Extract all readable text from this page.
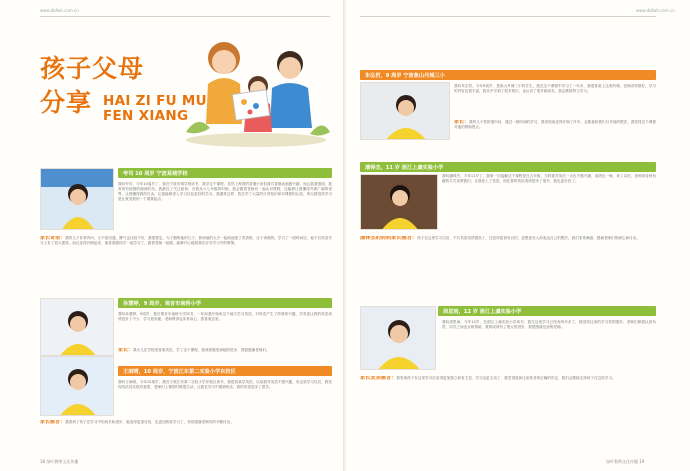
www.dbfwh.com.cn
孩子父母
分享 HAI ZI FU MU
FEN XIANG
夸司 10 周岁 宁波某城学校
我叫夸司，今年10周岁了，我在宁波市城学校读书，我学这个课程，虽然上海香的香港小说但我对香港动画感兴趣，而且我我很明，我常常有较强的阅读的功，我最近了关注如何，在我从六七年级的时候，我会跟着老师们一起认识课程，这能够让我懂得外面广阔的世界，让我懂得我的自由，让我能够进入学习以及更好的学习，我通常这样，我总学了大量的日常知识和对课程的认知，所以我觉得学习是让我发展的一个重要起点。
家长寄语：我的儿子非常内向，又不爱沟通，脾气也比较不好，我很着急，为了锻炼他的儿子，我和他的大夫一起给他报了英语班，让子训练的。学习了一段时间后，他不仅英语学习上有了很大提高，而且变得开朗起来，他喜欢跟同学一起学习了，跟着老师一起做，能够开心地和我们分享学习中的事情。
孙慧婷，9 周岁，观音市南桥小学
我叫孙慧婷，9周岁，我在观音市南桥小学读书，一年前我开始来这个地方学习英语，对英语产生了浓厚的兴趣，学英语让我的英语成绩进步了不少，学习很有趣，老师教得也非常用心，我喜欢这里。
家长：我女儿在学校里喜欢英语，学了这个课程，我深深感受到她的进步，我很感谢老师们。
王雨晴，10 周岁，宁波江东第二实验小学东校区
我叫王雨晴，今年10周岁，我在宁波江东第二实验小学东校区读书，我很喜欢学英语，以前我对英语不感兴趣，来这里学习以后，我发现英语其实很有意思，老师们上课的时候很生动，让我在学习中感到快乐，我的英语进步了很多。
家长感言：我看到了孩子在学习中的成长和进步，她变得更加自信，也更加热爱学习了，非常感谢老师们的辛勤付出。
18 绿叶教师文化传播
www.dbfwh.com.cn
朱弘哲，9 周岁 宁波象山丹城三小
我叫朱弘哲，今年9周岁，是象山丹城三小的学生，我在这个课程中学习了一年多，我很喜欢上这里的课，老师讲得很好，学习的内容也很丰富，我从中学到了很多知识，也认识了很多新朋友，我会继续努力学习。
家长：我的儿子性格很内向，通过一段时间的学习，我发现他变得开朗了许多，也愿意和我们分享他的想法，我觉得这个课程对他的帮助很大。
潘铎杰，11 岁 浙江上虞实验小学
我叫潘铎杰，今年11岁了，我第一次接触这个课程是在五年级，当时我对英语一点也不感兴趣，成绩也一般，来了以后，老师用各种有趣的方式来教我们，让我爱上了英语，现在我的英语成绩进步了很多，我也更自信了。
潘铎杰的妈妈家长感言：孩子在这里学习以后，不仅英语成绩提高了，还变得更加有自信，更愿意在人前表达自己的想法，我们非常满意，感谢老师们的耐心和付出。
周思雨，12 岁 浙江上虞实验小学
我叫周思雨，今年12岁，在浙江上虞实验小学读书，我在这里学习已经有两年多了，我觉得这里的学习氛围很好，老师们都很认真负责，同学之间也互相帮助，我的成绩有了很大的进步，我很感谢这里的老师。
家长发表感言：我发现孩子在这里学习后变得更加独立和有主见，学习也更主动了，我觉得选择这里是非常正确的决定，我们会继续支持孩子在这里学习。
绿叶教师文化传播 19
